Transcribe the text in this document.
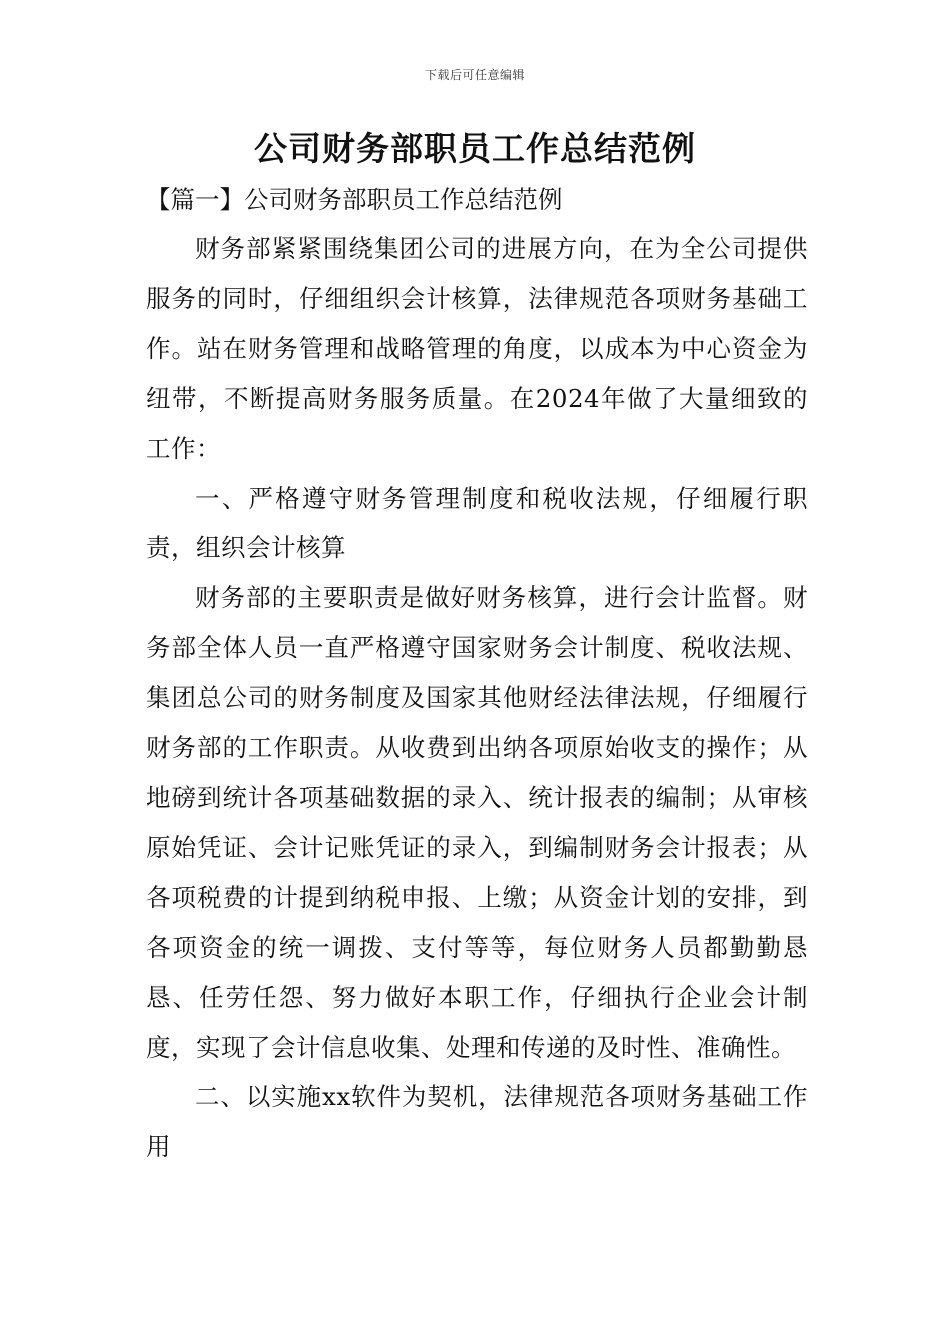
下载后可任意编辑
公司财务部职员工作总结范例
【篇一】公司财务部职员工作总结范例

财务部紧紧围绕集团公司的进展方向，在为全公司提供服务的同时，仔细组织会计核算，法律规范各项财务基础工作。站在财务管理和战略管理的角度，以成本为中心资金为纽带，不断提高财务服务质量。在2024年做了大量细致的工作：

一、严格遵守财务管理制度和税收法规，仔细履行职责，组织会计核算

财务部的主要职责是做好财务核算，进行会计监督。财务部全体人员一直严格遵守国家财务会计制度、税收法规、集团总公司的财务制度及国家其他财经法律法规，仔细履行财务部的工作职责。从收费到出纳各项原始收支的操作；从地磅到统计各项基础数据的录入、统计报表的编制；从审核原始凭证、会计记账凭证的录入，到编制财务会计报表；从各项税费的计提到纳税申报、上缴；从资金计划的安排，到各项资金的统一调拨、支付等等，每位财务人员都勤勤恳恳、任劳任怨、努力做好本职工作，仔细执行企业会计制度，实现了会计信息收集、处理和传递的及时性、准确性。

二、以实施xx软件为契机，法律规范各项财务基础工作用
